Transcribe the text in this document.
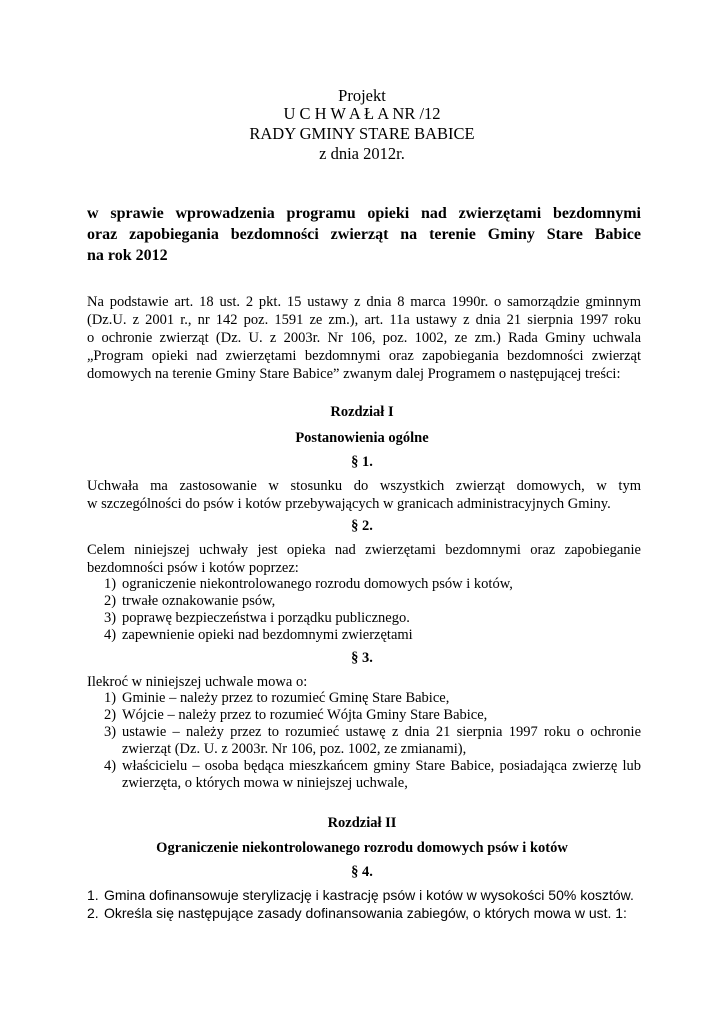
Projekt
U C H W A Ł A NR /12
RADY GMINY STARE BABICE
z dnia 2012r.
w sprawie wprowadzenia programu opieki nad zwierzętami bezdomnymi
oraz zapobiegania bezdomności zwierząt na terenie Gminy Stare Babice
na rok 2012
Na podstawie art. 18 ust. 2 pkt. 15 ustawy z dnia 8 marca 1990r. o samorządzie gminnym
(Dz.U. z 2001 r., nr 142 poz. 1591 ze zm.), art. 11a ustawy z dnia 21 sierpnia 1997 roku
o ochronie zwierząt (Dz. U. z 2003r. Nr 106, poz. 1002, ze zm.) Rada Gminy uchwala
„Program opieki nad zwierzętami bezdomnymi oraz zapobiegania bezdomności zwierząt
domowych na terenie Gminy Stare Babice” zwanym dalej Programem o następującej treści:
Rozdział I
Postanowienia ogólne
§ 1.
Uchwała ma zastosowanie w stosunku do wszystkich zwierząt domowych, w tym
w szczególności do psów i kotów przebywających w granicach administracyjnych Gminy.
§ 2.
Celem niniejszej uchwały jest opieka nad zwierzętami bezdomnymi oraz zapobieganie
bezdomności psów i kotów poprzez:
1) ograniczenie niekontrolowanego rozrodu domowych psów i kotów,
2) trwałe oznakowanie psów,
3) poprawę bezpieczeństwa i porządku publicznego.
4) zapewnienie opieki nad bezdomnymi zwierzętami
§ 3.
Ilekroć w niniejszej uchwale mowa o:
1) Gminie – należy przez to rozumieć Gminę Stare Babice,
2) Wójcie – należy przez to rozumieć Wójta Gminy Stare Babice,
3) ustawie – należy przez to rozumieć ustawę z dnia 21 sierpnia 1997 roku o ochronie
zwierząt (Dz. U. z 2003r. Nr 106, poz. 1002, ze zmianami),
4) właścicielu – osoba będąca mieszkańcem gminy Stare Babice, posiadająca zwierzę lub
zwierzęta, o których mowa w niniejszej uchwale,
Rozdział II
Ograniczenie niekontrolowanego rozrodu domowych psów i kotów
§ 4.
1. Gmina dofinansowuje sterylizację i kastrację psów i kotów w wysokości 50% kosztów.
2. Określa się następujące zasady dofinansowania zabiegów, o których mowa w ust. 1:
